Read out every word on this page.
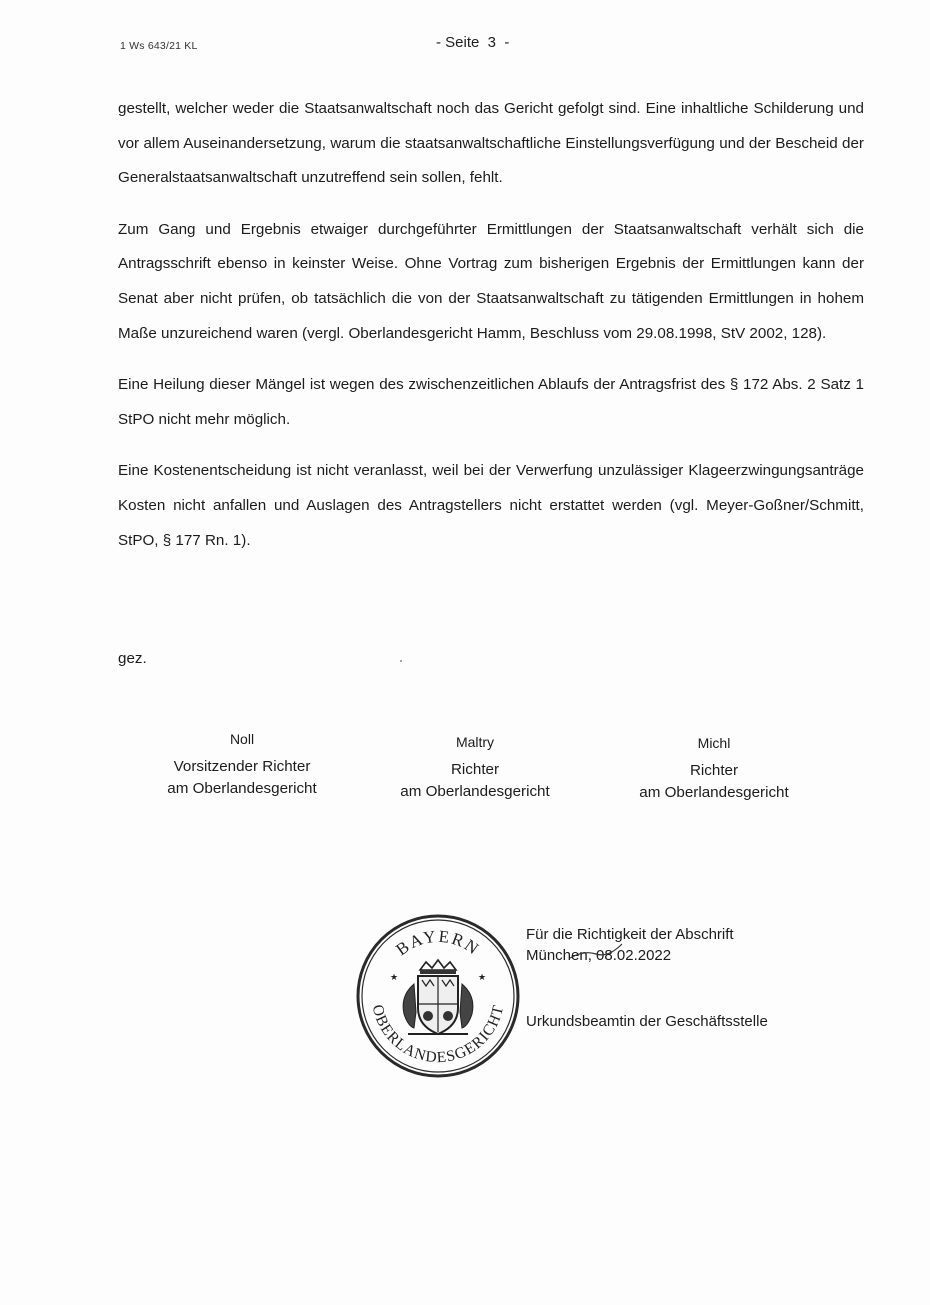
1 Ws 643/21 KL	- Seite  3  -

gestellt, welcher weder die Staatsanwaltschaft noch das Gericht gefolgt sind. Eine inhaltliche Schilderung und vor allem Auseinandersetzung, warum die staatsanwaltschaftliche Einstellungsverfügung und der Bescheid der Generalstaatsanwaltschaft unzutreffend sein sollen, fehlt.

Zum Gang und Ergebnis etwaiger durchgeführter Ermittlungen der Staatsanwaltschaft verhält sich die Antragsschrift ebenso in keinster Weise. Ohne Vortrag zum bisherigen Ergebnis der Ermittlungen kann der Senat aber nicht prüfen, ob tatsächlich die von der Staatsanwaltschaft zu tätigenden Ermittlungen in hohem Maße unzureichend waren (vergl. Oberlandesgericht Hamm, Beschluss vom 29.08.1998, StV 2002, 128).

Eine Heilung dieser Mängel ist wegen des zwischenzeitlichen Ablaufs der Antragsfrist des § 172 Abs. 2 Satz 1 StPO nicht mehr möglich.

Eine Kostenentscheidung ist nicht veranlasst, weil bei der Verwerfung unzulässiger Klageerzwingungsanträge Kosten nicht anfallen und Auslagen des Antragstellers nicht erstattet werden (vgl. Meyer-Goßner/Schmitt, StPO, § 177 Rn. 1).

gez.
Noll
Vorsitzender Richter
am Oberlandesgericht
Maltry
Richter
am Oberlandesgericht
Michl
Richter
am Oberlandesgericht
BAYERN
OBERLANDESGERICHT
★	★
Für die Richtigkeit der Abschrift
München, 08.02.2022
Urkundsbeamtin der Geschäftsstelle
